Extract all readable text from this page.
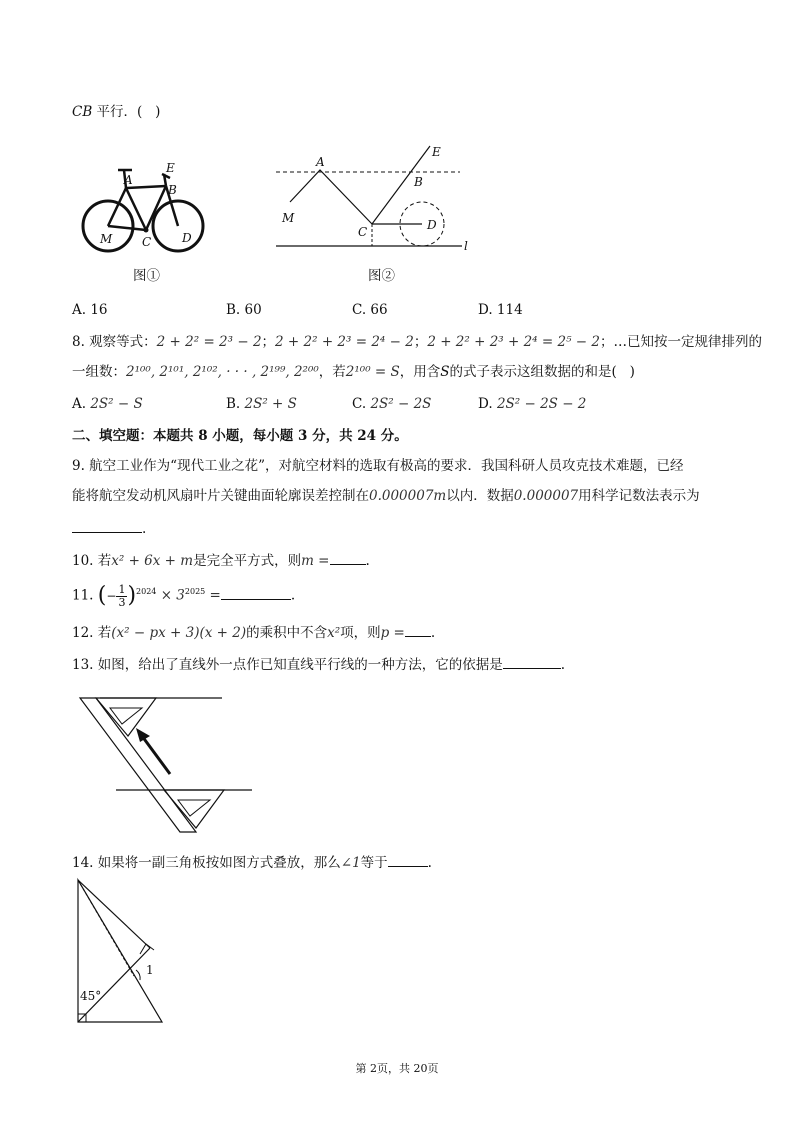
CB 平行．(   )
A
E
B
M C	D
图①
A
E
B
M
C	D
l
图②
A. 16	B. 60	C. 66	D. 114
8. 观察等式：2 + 2² = 2³ − 2；2 + 2² + 2³ = 2⁴ − 2；2 + 2² + 2³ + 2⁴ = 2⁵ − 2；…已知按一定规律排列的
一组数：2¹⁰⁰, 2¹⁰¹, 2¹⁰², · · · , 2¹⁹⁹, 2²⁰⁰，若2¹⁰⁰ = S，用含S的式子表示这组数据的和是(   )
A. 2S² − S	B. 2S² + S	C. 2S² − 2S	D. 2S² − 2S − 2
二、填空题：本题共 8 小题，每小题 3 分，共 24 分。
9. 航空工业作为“现代工业之花”，对航空材料的选取有极高的要求．我国科研人员攻克技术难题，已经
能将航空发动机风扇叶片关键曲面轮廓误差控制在0.000007m以内．数据0.000007用科学记数法表示为
.
10. 若x² + 6x + m是完全平方式，则m =	.
11. (− $\frac{1}{3} )^{2024} \times 3^{2025}$ =	.
12. 若(x² − px + 3)(x + 2)的乘积中不含x²项，则p = .
13. 如图，给出了直线外一点作已知直线平行线的一种方法，它的依据是	.
14. 如果将一副三角板按如图方式叠放，那么∠1等于	.
1
45°
第 2页，共 20页
